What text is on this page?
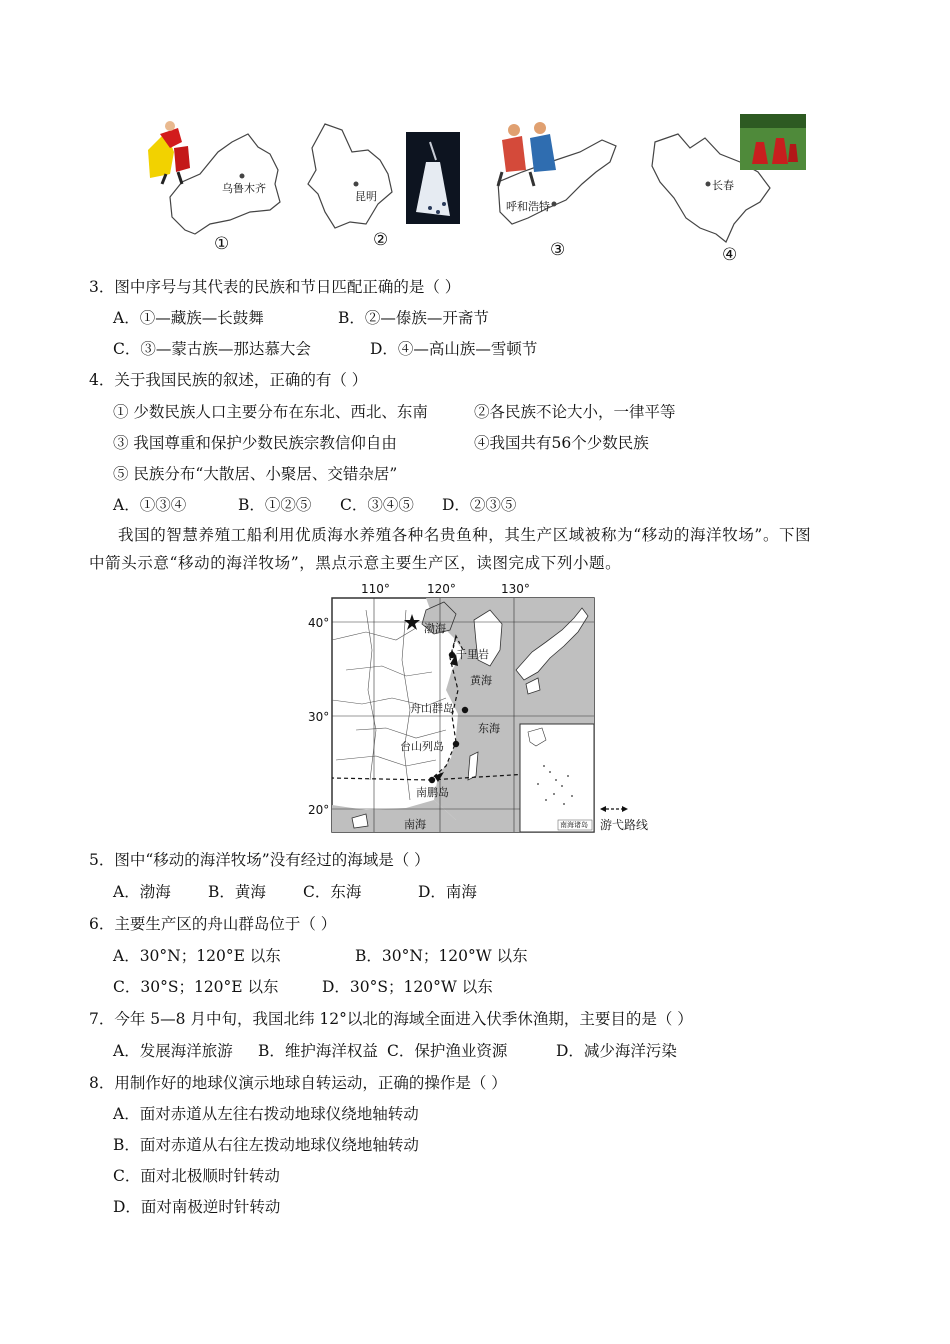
乌鲁木齐
昆明
呼和浩特
长春
①	②	③	④
3．图中序号与其代表的民族和节日匹配正确的是（ ）
A．①—藏族—长鼓舞	B．②—傣族—开斋节
C．③—蒙古族—那达慕大会	D．④—高山族—雪顿节
4．关于我国民族的叙述，正确的有（ ）
① 少数民族人口主要分布在东北、西北、东南	②各民族不论大小，一律平等
③ 我国尊重和保护少数民族宗教信仰自由	④我国共有56个少数民族
⑤ 民族分布“大散居、小聚居、交错杂居”
A．①③④	B．①②⑤ C．③④⑤ D．②③⑤
我国的智慧养殖工船利用优质海水养殖各种名贵鱼种，其生产区域被称为“移动的海洋牧场”。下图
中箭头示意“移动的海洋牧场”，黑点示意主要生产区，读图完成下列小题。
110°	120°	130°
40°
30°
20°
渤海
千里岩
黄海
舟山群岛
东海
台山列岛
南鹏岛
南海	南海诸岛 游弋路线
5．图中“移动的海洋牧场”没有经过的海域是（ ）
A．渤海 B．黄海 C．东海	D．南海
6．主要生产区的舟山群岛位于（ ）
A．30°N；120°E 以东	B．30°N；120°W 以东
C．30°S；120°E 以东	D．30°S；120°W 以东
7．今年 5—8 月中旬，我国北纬 12°以北的海域全面进入伏季休渔期，主要目的是（ ）
A．发展海洋旅游 B．维护海洋权益 C．保护渔业资源	D．减少海洋污染
8．用制作好的地球仪演示地球自转运动，正确的操作是（ ）
A．面对赤道从左往右拨动地球仪绕地轴转动
B．面对赤道从右往左拨动地球仪绕地轴转动
C．面对北极顺时针转动
D．面对南极逆时针转动
